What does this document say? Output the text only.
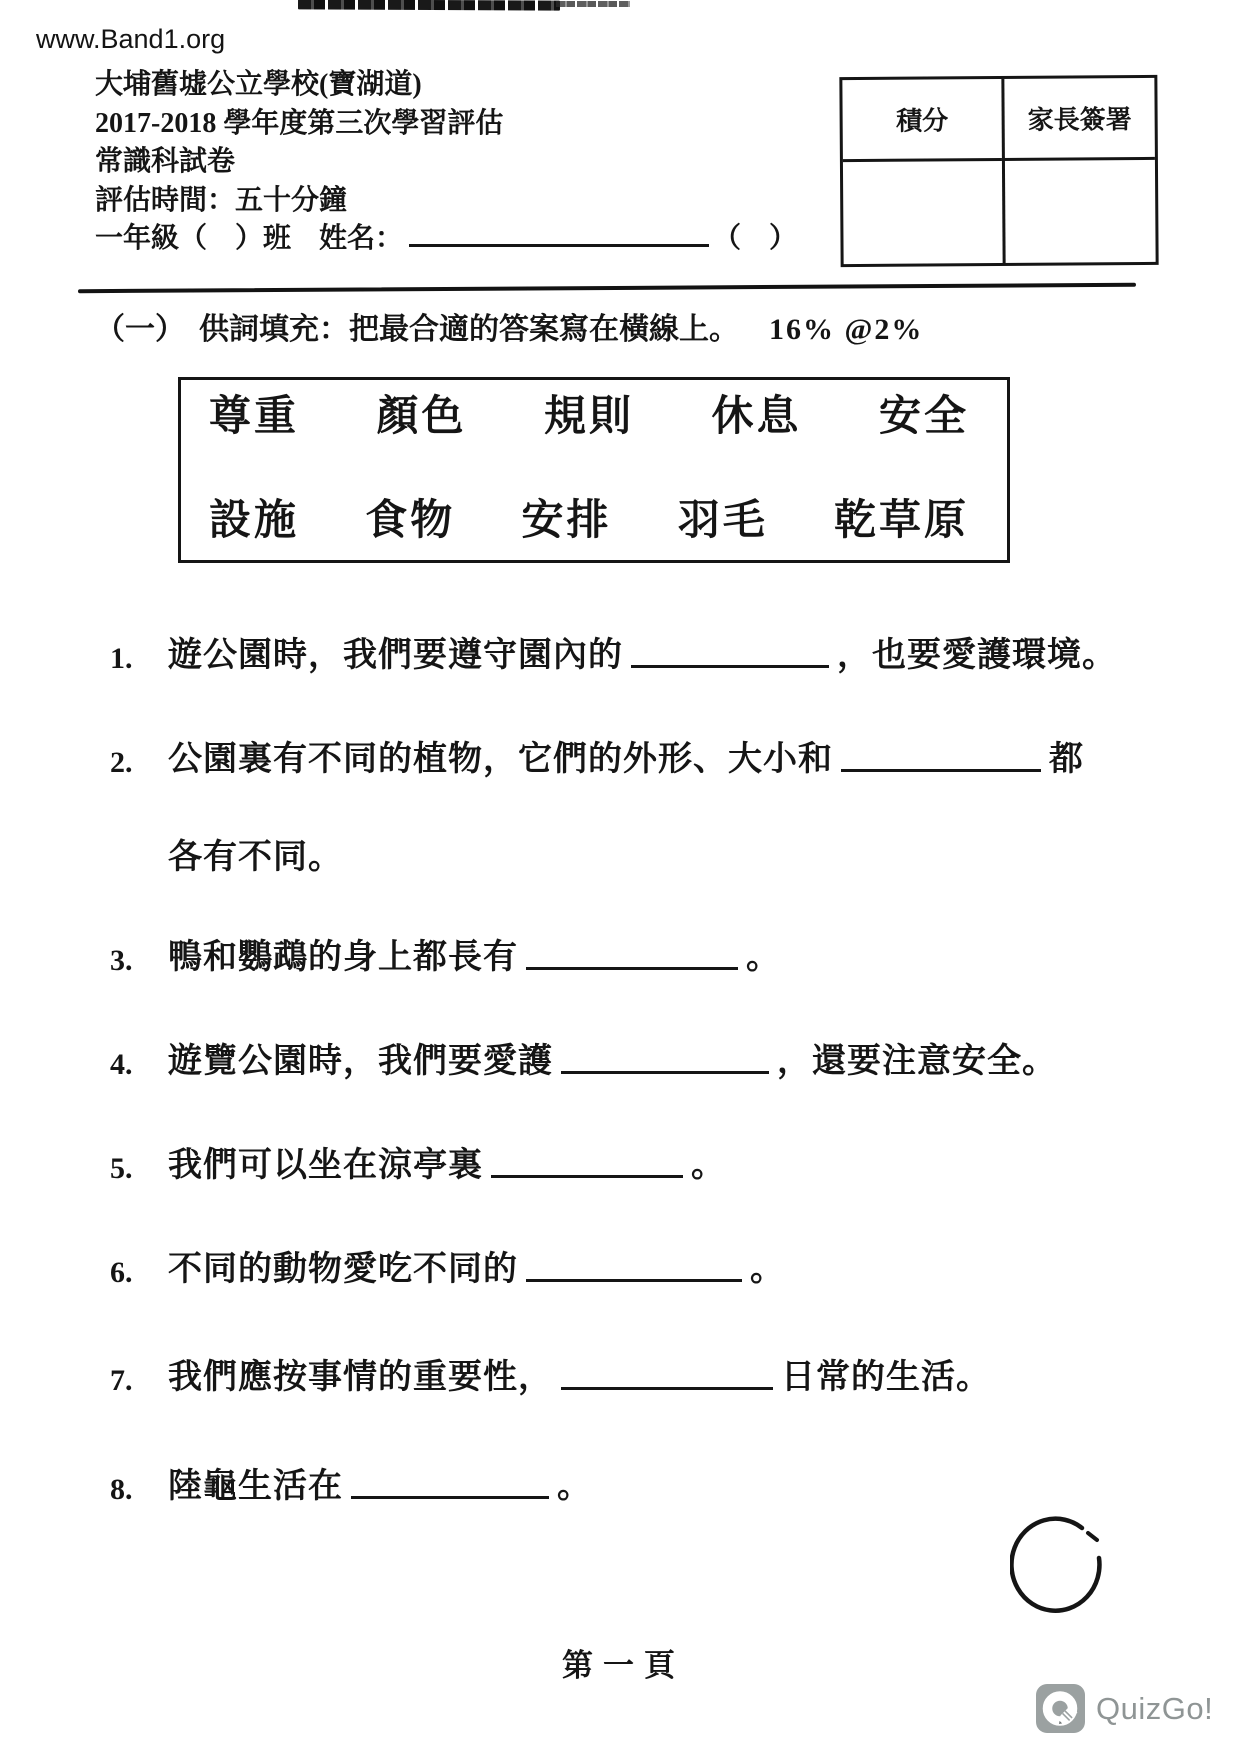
www.Band1.org
大埔舊墟公立學校(寶湖道)
2017-2018 學年度第三次學習評估
常識科試卷
評估時間：五十分鐘
一年級（　）班　姓名：	（　）
積分	家長簽署
（一） 供詞填充：把最合適的答案寫在橫線上。 16% @2%
尊重 顏色 規則 休息 安全
設施 食物 安排 羽毛 乾草原
1. 遊公園時，我們要遵守園內的	，也要愛護環境。
2. 公園裏有不同的植物，它們的外形、大小和	都
各有不同。
3. 鴨和鸚鵡的身上都長有	。
4. 遊覽公園時，我們要愛護	，還要注意安全。
5. 我們可以坐在涼亭裏	。
6. 不同的動物愛吃不同的	。
7. 我們應按事情的重要性，	日常的生活。
8. 陸龜生活在	。
第一頁
QuizGo!
